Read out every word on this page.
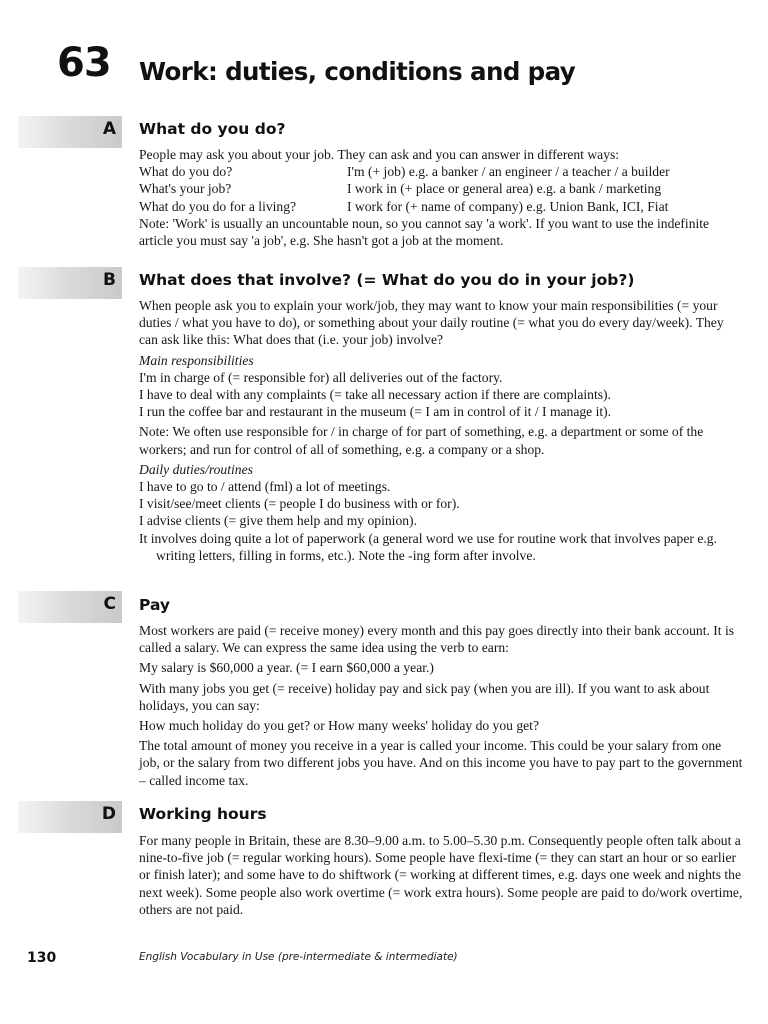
63 Work: duties, conditions and pay
A What do you do?

People may ask you about your job. They can ask and you can answer in different ways:

What do you do?	I'm (+ job) e.g. a banker / an engineer / a teacher / a builder
What's your job?	I work in (+ place or general area) e.g. a bank / marketing
What do you do for a living?	I work for (+ name of company) e.g. Union Bank, ICI, Fiat

Note: 'Work' is usually an uncountable noun, so you cannot say 'a work'. If you want to use the indefinite article you must say 'a job', e.g. She hasn't got a job at the moment.

B What does that involve? (= What do you do in your job?)

When people ask you to explain your work/job, they may want to know your main responsibilities (= your duties / what you have to do), or something about your daily routine (= what you do every day/week). They can ask like this: What does that (i.e. your job) involve?

Main responsibilities

I'm in charge of (= responsible for) all deliveries out of the factory.

I have to deal with any complaints (= take all necessary action if there are complaints).

I run the coffee bar and restaurant in the museum (= I am in control of it / I manage it).

Note: We often use responsible for / in charge of for part of something, e.g. a department or some of the workers; and run for control of all of something, e.g. a company or a shop.

Daily duties/routines

I have to go to / attend (fml) a lot of meetings.

I visit/see/meet clients (= people I do business with or for).

I advise clients (= give them help and my opinion).

It involves doing quite a lot of paperwork (a general word we use for routine work that involves paper e.g. writing letters, filling in forms, etc.). Note the -ing form after involve.

C Pay

Most workers are paid (= receive money) every month and this pay goes directly into their bank account. It is called a salary. We can express the same idea using the verb to earn:

My salary is $60,000 a year. (= I earn $60,000 a year.)

With many jobs you get (= receive) holiday pay and sick pay (when you are ill). If you want to ask about holidays, you can say:

How much holiday do you get? or How many weeks' holiday do you get?

The total amount of money you receive in a year is called your income. This could be your salary from one job, or the salary from two different jobs you have. And on this income you have to pay part to the government – called income tax.

D Working hours

For many people in Britain, these are 8.30–9.00 a.m. to 5.00–5.30 p.m. Consequently people often talk about a nine-to-five job (= regular working hours). Some people have flexi-time (= they can start an hour or so earlier or finish later); and some have to do shiftwork (= working at different times, e.g. days one week and nights the next week). Some people also work overtime (= work extra hours). Some people are paid to do/work overtime, others are not paid.

130	English Vocabulary in Use (pre-intermediate & intermediate)
